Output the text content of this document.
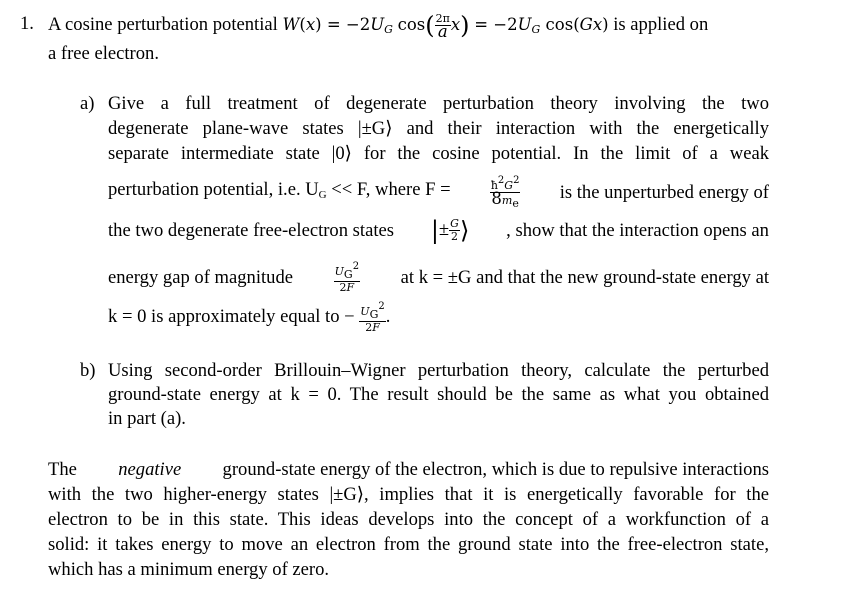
1. A cosine perturbation potential $W(x) = -2U_G$ cos( 2π
a $x) = -2U_G$ cos(Gx) is applied on
a free electron.
a) Give a full treatment of degenerate perturbation theory involving the two
degenerate plane-wave states |±G⟩ and their interaction with the energetically
separate intermediate state |0⟩ for the cosine potential. In the limit of a weak
perturbation potential, i.e. $U_G << F$, where F =	$\frac{ħ2G2}{8me}$ is the unperturbed energy of
the two degenerate free-electron states |± $\frac{G}{2}$ ⟩ , show that the interaction opens an
energy gap of magnitude	UG2
2F	at k = ±G and that the new ground-state energy at
k = 0 is approximately equal to − $\frac{UG2}{2F}$ .
b) Using second-order Brillouin–Wigner perturbation theory, calculate the perturbed
ground-state energy at k = 0. The result should be the same as what you obtained
in part (a).
The negative ground-state energy of the electron, which is due to repulsive interactions
with the two higher-energy states |±G⟩, implies that it is energetically favorable for the
electron to be in this state. This ideas develops into the concept of a workfunction of a
solid: it takes energy to move an electron from the ground state into the free-electron state,
which has a minimum energy of zero.
